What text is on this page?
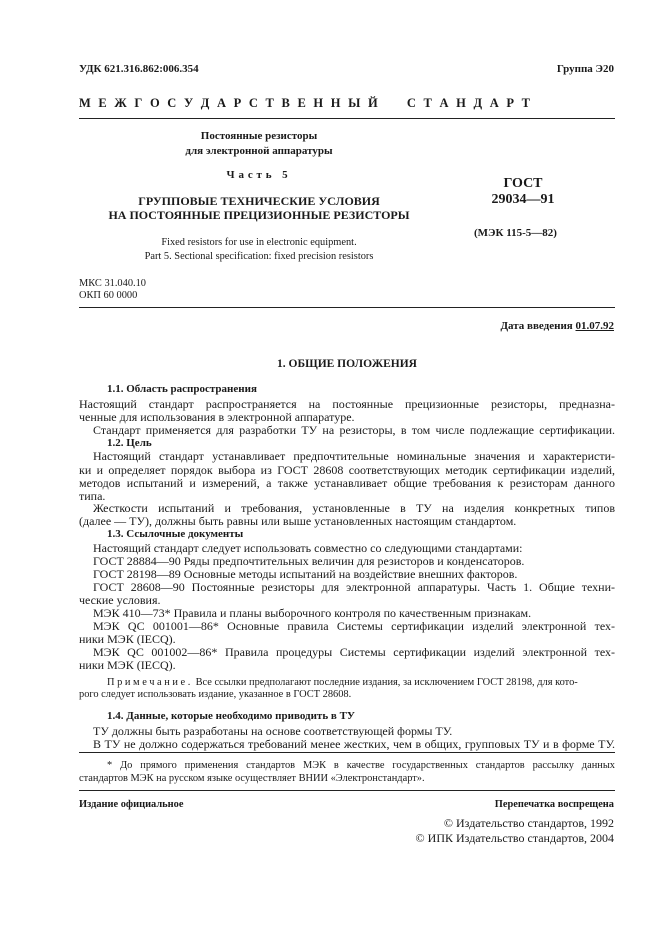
УДК 621.316.862:006.354	Группа Э20
М Е Ж Г О С У Д А Р С Т В Е Н Н Ы Й     С Т А Н Д А Р Т
Постоянные резисторы
для электронной аппаратуры
Часть 5
ГРУППОВЫЕ ТЕХНИЧЕСКИЕ УСЛОВИЯ
НА ПОСТОЯННЫЕ ПРЕЦИЗИОННЫЕ РЕЗИСТОРЫ
Fixed resistors for use in electronic equipment.
Part 5. Sectional specification: fixed precision resistors
ГОСТ
29034—91
(МЭК 115-5—82)
МКС 31.040.10
ОКП 60 0000
Дата введения 01.07.92
1. ОБЩИЕ ПОЛОЖЕНИЯ
1.1. Область распространения
Настоящий стандарт распространяется на постоянные прецизионные резисторы, предназна-
ченные для использования в электронной аппаратуре.
Стандарт применяется для разработки ТУ на резисторы, в том числе подлежащие сертификации.
1.2. Цель
Настоящий стандарт устанавливает предпочтительные номинальные значения и характеристи-
ки и определяет порядок выбора из ГОСТ 28608 соответствующих методик сертификации изделий,
методов испытаний и измерений, а также устанавливает общие требования к резисторам данного
типа.
Жесткости испытаний и требования, установленные в ТУ на изделия конкретных типов
(далее — ТУ), должны быть равны или выше установленных настоящим стандартом.
1.3. Ссылочные документы
Настоящий стандарт следует использовать совместно со следующими стандартами:
ГОСТ 28884—90 Ряды предпочтительных величин для резисторов и конденсаторов.
ГОСТ 28198—89 Основные методы испытаний на воздействие внешних факторов.
ГОСТ 28608—90 Постоянные резисторы для электронной аппаратуры. Часть 1. Общие техни-
ческие условия.
МЭК 410—73* Правила и планы выборочного контроля по качественным признакам.
МЭК QC 001001—86* Основные правила Системы сертификации изделий электронной тех-
ники МЭК (IECQ).
МЭК QC 001002—86* Правила процедуры Системы сертификации изделий электронной тех-
ники МЭК (IECQ).
Примечание. Все ссылки предполагают последние издания, за исключением ГОСТ 28198, для кото-
рого следует использовать издание, указанное в ГОСТ 28608.
1.4. Данные, которые необходимо приводить в ТУ
ТУ должны быть разработаны на основе соответствующей формы ТУ.
В ТУ не должно содержаться требований менее жестких, чем в общих, групповых ТУ и в форме ТУ.
* До прямого применения стандартов МЭК в качестве государственных стандартов рассылку данных
стандартов МЭК на русском языке осуществляет ВНИИ «Электронстандарт».
Издание официальное	Перепечатка воспрещена
© Издательство стандартов, 1992
© ИПК Издательство стандартов, 2004
